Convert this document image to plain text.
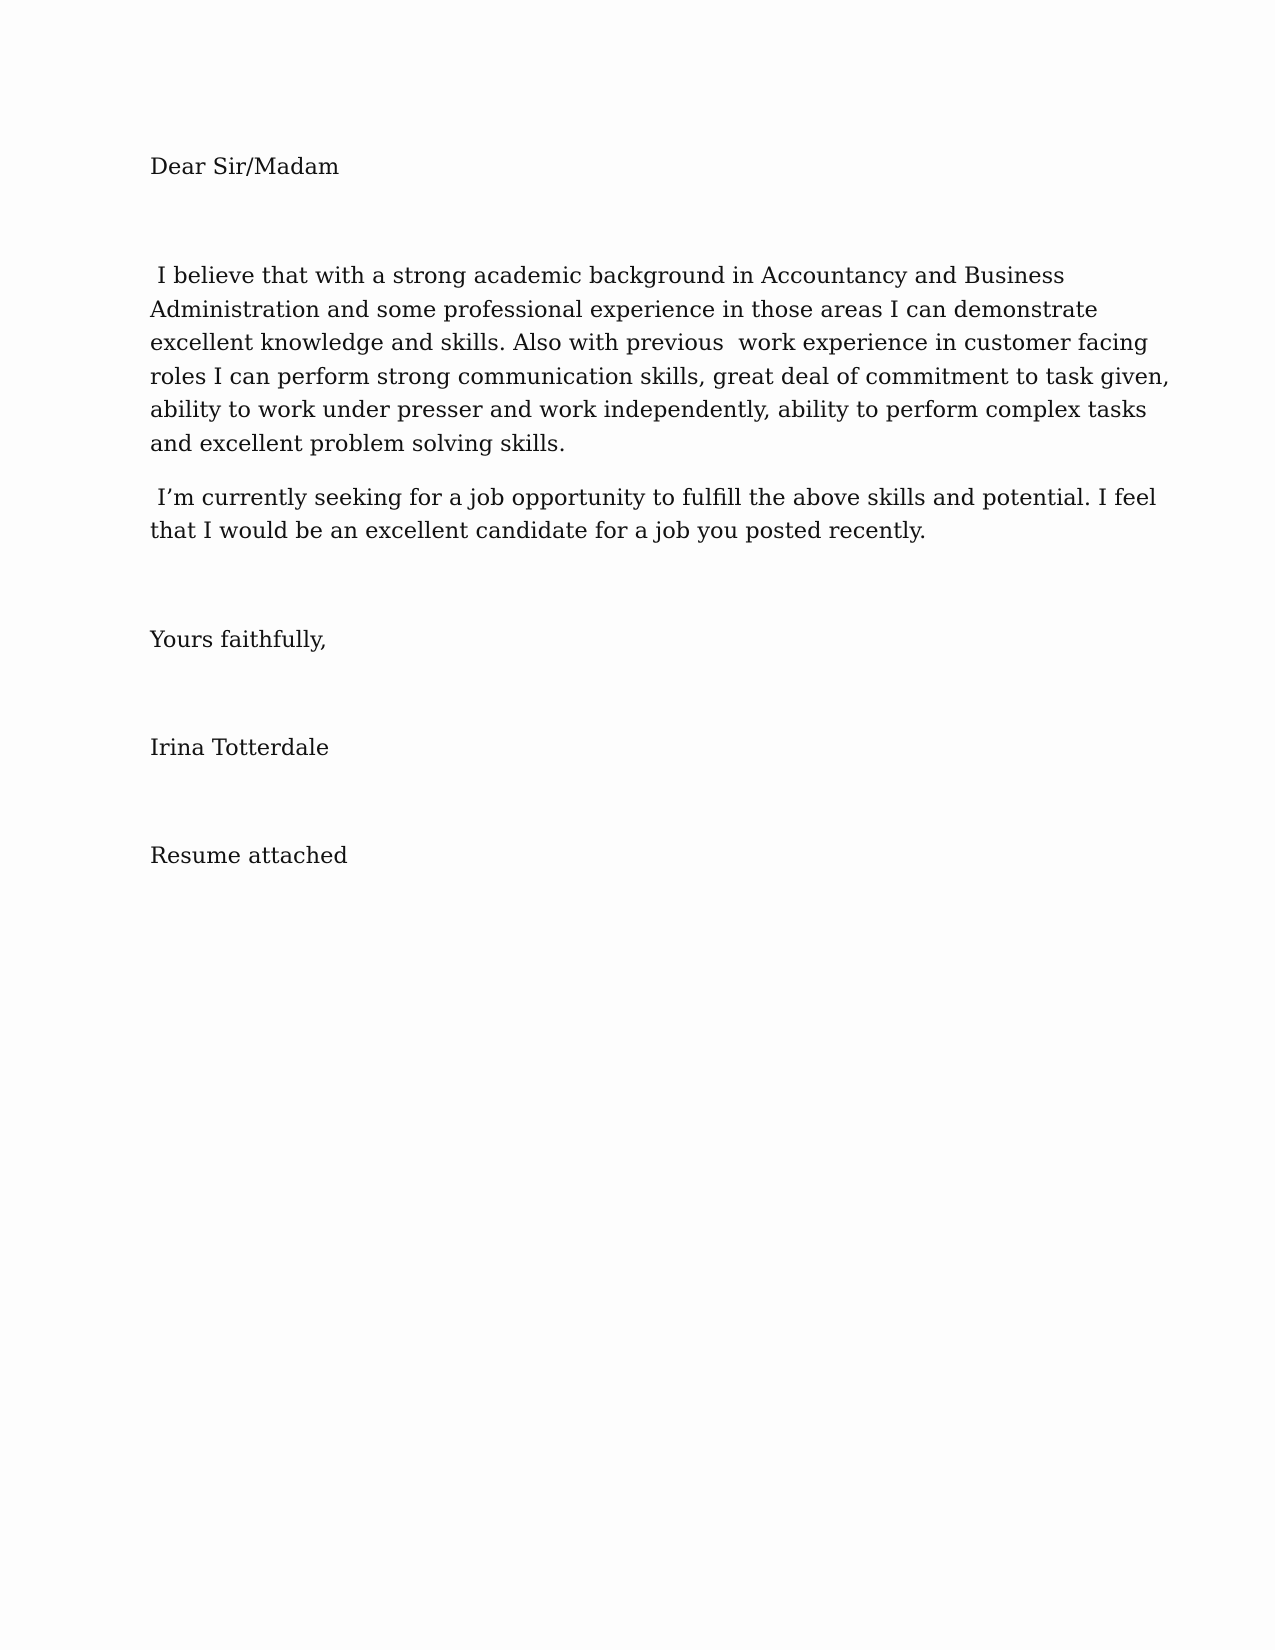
Dear Sir/Madam

I believe that with a strong academic background in Accountancy and Business
Administration and some professional experience in those areas I can demonstrate
excellent knowledge and skills. Also with previous  work experience in customer facing
roles I can perform strong communication skills, great deal of commitment to task given,
ability to work under presser and work independently, ability to perform complex tasks
and excellent problem solving skills.
I’m currently seeking for a job opportunity to fulfill the above skills and potential. I feel
that I would be an excellent candidate for a job you posted recently.

Yours faithfully,

Irina Totterdale

Resume attached
